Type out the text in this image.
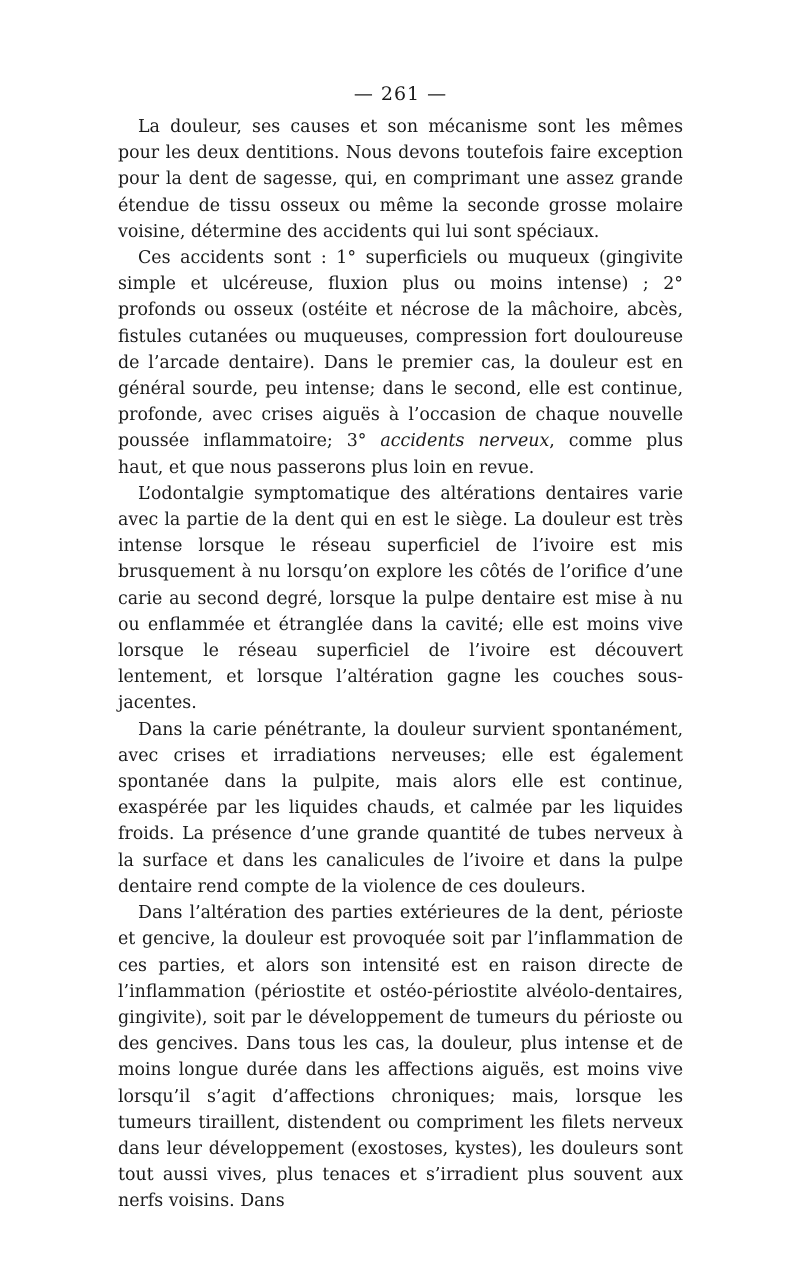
— 261 —

La douleur, ses causes et son mécanisme sont les mêmes pour les deux dentitions. Nous devons toutefois faire exception pour la dent de sagesse, qui, en comprimant une assez grande étendue de tissu osseux ou même la seconde grosse molaire voisine, détermine des accidents qui lui sont spéciaux.

Ces accidents sont : 1° superficiels ou muqueux (gingivite simple et ulcéreuse, fluxion plus ou moins intense) ; 2° profonds ou osseux (ostéite et nécrose de la mâchoire, abcès, fistules cutanées ou muqueuses, compression fort douloureuse de l’arcade dentaire). Dans le premier cas, la douleur est en général sourde, peu intense; dans le second, elle est continue, profonde, avec crises aiguës à l’occasion de chaque nouvelle poussée inflammatoire; 3° accidents nerveux, comme plus haut, et que nous passerons plus loin en revue.

L’odontalgie symptomatique des altérations dentaires varie avec la partie de la dent qui en est le siège. La douleur est très intense lorsque le réseau superficiel de l’ivoire est mis brusquement à nu lorsqu’on explore les côtés de l’orifice d’une carie au second degré, lorsque la pulpe dentaire est mise à nu ou enflammée et étranglée dans la cavité; elle est moins vive lorsque le réseau superficiel de l’ivoire est découvert lentement, et lorsque l’altération gagne les couches sous-jacentes.

Dans la carie pénétrante, la douleur survient spontanément, avec crises et irradiations nerveuses; elle est également spontanée dans la pulpite, mais alors elle est continue, exaspérée par les liquides chauds, et calmée par les liquides froids. La présence d’une grande quantité de tubes nerveux à la surface et dans les canalicules de l’ivoire et dans la pulpe dentaire rend compte de la violence de ces douleurs.

Dans l’altération des parties extérieures de la dent, périoste et gencive, la douleur est provoquée soit par l’inflammation de ces parties, et alors son intensité est en raison directe de l’inflammation (périostite et ostéo-périostite alvéolo-dentaires, gingivite), soit par le développement de tumeurs du périoste ou des gencives. Dans tous les cas, la douleur, plus intense et de moins longue durée dans les affections aiguës, est moins vive lorsqu’il s’agit d’affections chroniques; mais, lorsque les tumeurs tiraillent, distendent ou compriment les filets nerveux dans leur développement (exostoses, kystes), les douleurs sont tout aussi vives, plus tenaces et s’irradient plus souvent aux nerfs voisins. Dans
